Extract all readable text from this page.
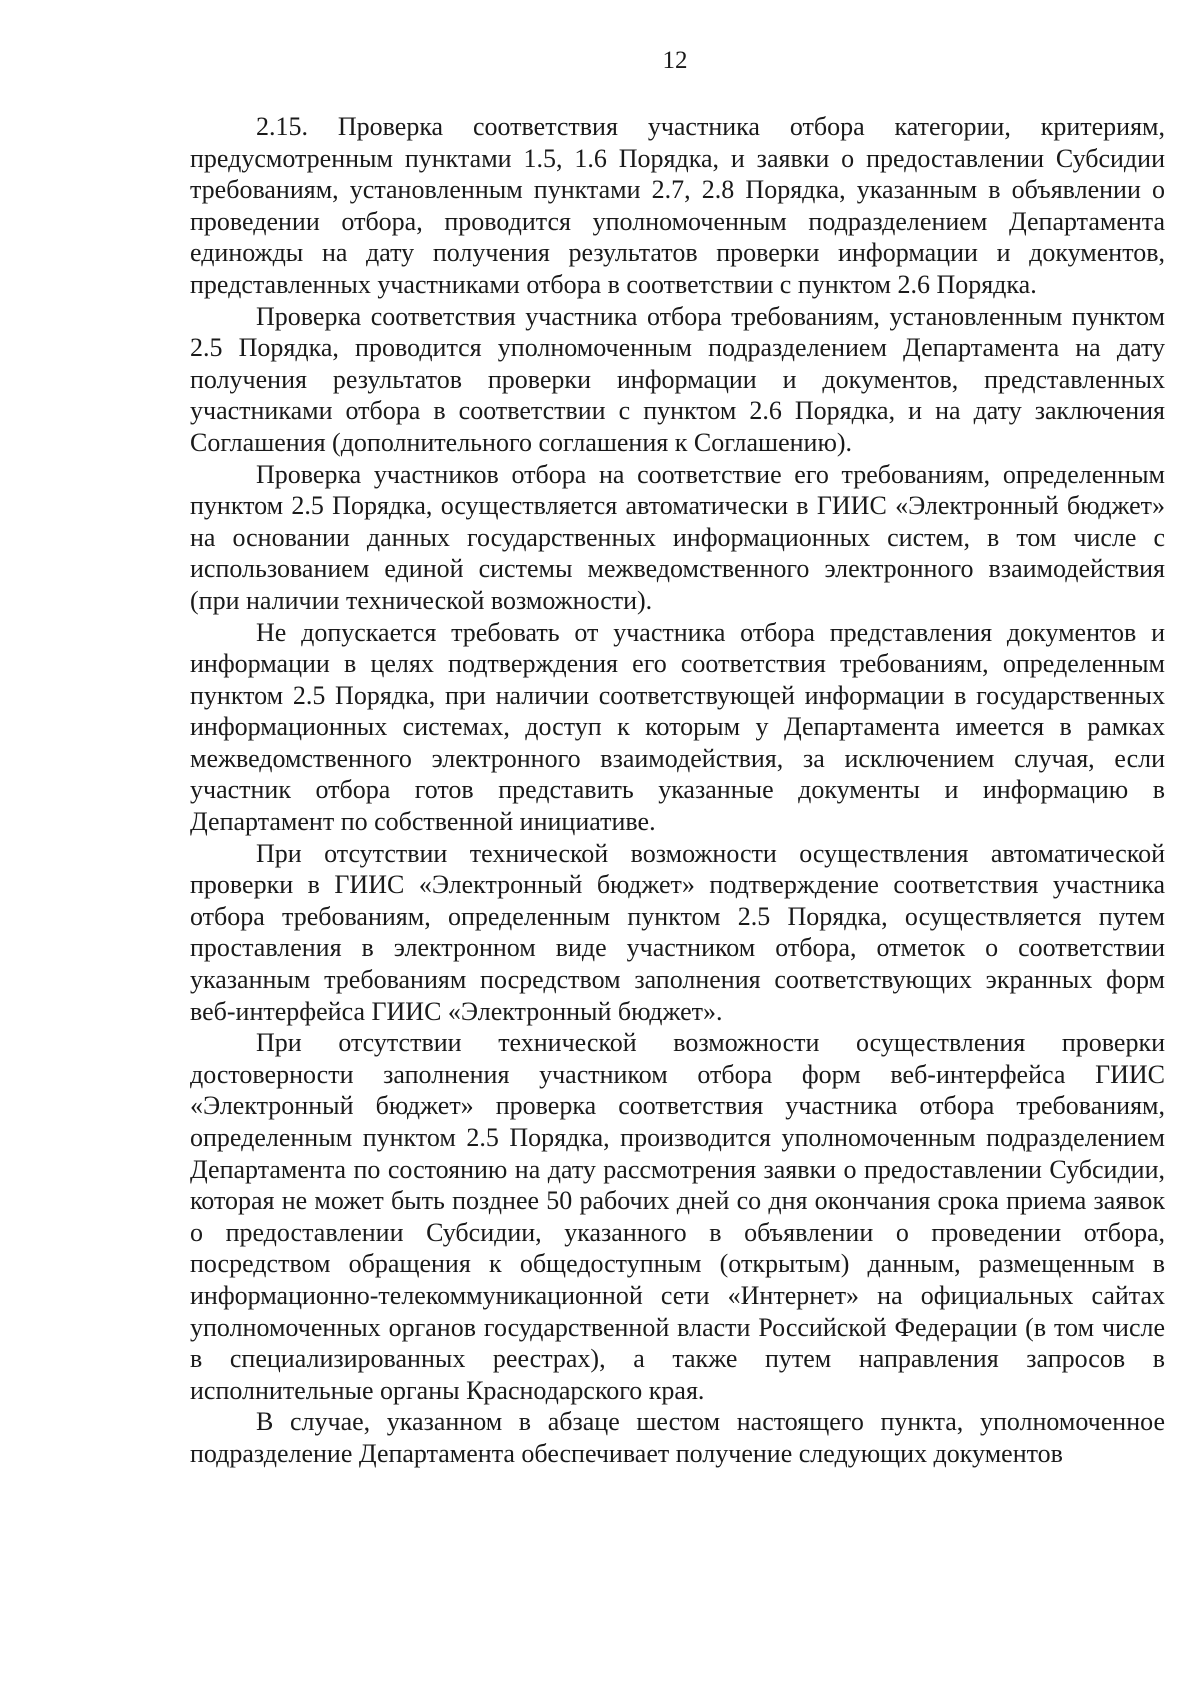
12

2.15. Проверка соответствия участника отбора категории, критериям, предусмотренным пунктами 1.5, 1.6 Порядка, и заявки о предоставлении Субсидии требованиям, установленным пунктами 2.7, 2.8 Порядка, указанным в объявлении о проведении отбора, проводится уполномоченным подразделением Департамента единожды на дату получения результатов проверки информации и документов, представленных участниками отбора в соответствии с пунктом 2.6 Порядка.

Проверка соответствия участника отбора требованиям, установленным пунктом 2.5 Порядка, проводится уполномоченным подразделением Департамента на дату получения результатов проверки информации и документов, представленных участниками отбора в соответствии с пунктом 2.6 Порядка, и на дату заключения Соглашения (дополнительного соглашения к Соглашению).

Проверка участников отбора на соответствие его требованиям, определенным пунктом 2.5 Порядка, осуществляется автоматически в ГИИС «Электронный бюджет» на основании данных государственных информационных систем, в том числе с использованием единой системы межведомственного электронного взаимодействия (при наличии технической возможности).

Не допускается требовать от участника отбора представления документов и информации в целях подтверждения его соответствия требованиям, определенным пунктом 2.5 Порядка, при наличии соответствующей информации в государственных информационных системах, доступ к которым у Департамента имеется в рамках межведомственного электронного взаимодействия, за исключением случая, если участник отбора готов представить указанные документы и информацию в Департамент по собственной инициативе.

При отсутствии технической возможности осуществления автоматической проверки в ГИИС «Электронный бюджет» подтверждение соответствия участника отбора требованиям, определенным пунктом 2.5 Порядка, осуществляется путем проставления в электронном виде участником отбора, отметок о соответствии указанным требованиям посредством заполнения соответствующих экранных форм веб-интерфейса ГИИС «Электронный бюджет».

При отсутствии технической возможности осуществления проверки достоверности заполнения участником отбора форм веб-интерфейса ГИИС «Электронный бюджет» проверка соответствия участника отбора требованиям, определенным пунктом 2.5 Порядка, производится уполномоченным подразделением Департамента по состоянию на дату рассмотрения заявки о предоставлении Субсидии, которая не может быть позднее 50 рабочих дней со дня окончания срока приема заявок о предоставлении Субсидии, указанного в объявлении о проведении отбора, посредством обращения к общедоступным (открытым) данным, размещенным в информационно-телекоммуникационной сети «Интернет» на официальных сайтах уполномоченных органов государственной власти Российской Федерации (в том числе в специализированных реестрах), а также путем направления запросов в исполнительные органы Краснодарского края.

В случае, указанном в абзаце шестом настоящего пункта, уполномоченное подразделение Департамента обеспечивает получение следующих документов
